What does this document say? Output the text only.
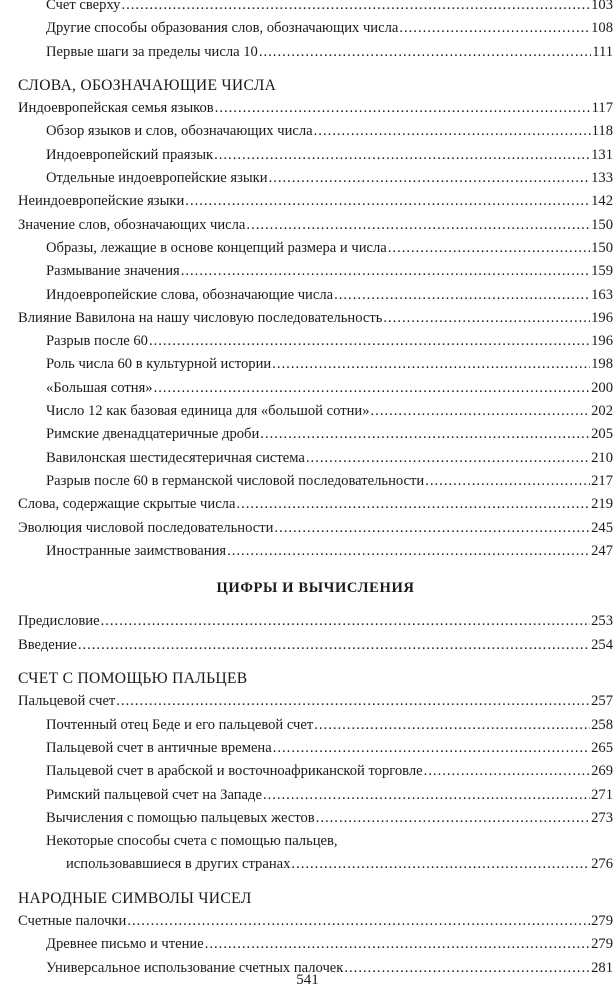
Счет сверху .....	103
Другие способы образования слов, обозначающих числа .....	108
Первые шаги за пределы числа 10 .....	111
СЛОВА, ОБОЗНАЧАЮЩИЕ ЧИСЛА
Индоевропейская семья языков .....	117
Обзор языков и слов, обозначающих числа .....	118
Индоевропейский праязык .....	131
Отдельные индоевропейские языки .....	133
Неиндоевропейские языки .....	142
Значение слов, обозначающих числа .....	150
Образы, лежащие в основе концепций размера и числа .....	150
Размывание значения .....	159
Индоевропейские слова, обозначающие числа .....	163
Влияние Вавилона на нашу числовую последовательность .....	196
Разрыв после 60 .....	196
Роль числа 60 в культурной истории .....	198
«Большая сотня» .....	200
Число 12 как базовая единица для «большой сотни» .....	202
Римские двенадцатеричные дроби .....	205
Вавилонская шестидесятеричная система .....	210
Разрыв после 60 в германской числовой последовательности .....	217
Слова, содержащие скрытые числа .....	219
Эволюция числовой последовательности .....	245
Иностранные заимствования .....	247
ЦИФРЫ И ВЫЧИСЛЕНИЯ
Предисловие .....	253
Введение .....	254
СЧЕТ С ПОМОЩЬЮ ПАЛЬЦЕВ
Пальцевой счет .....	257
Почтенный отец Беде и его пальцевой счет .....	258
Пальцевой счет в античные времена .....	265
Пальцевой счет в арабской и восточноафриканской торговле .....	269
Римский пальцевой счет на Западе .....	271
Вычисления с помощью пальцевых жестов .....	273
Некоторые способы счета с помощью пальцев,
использовавшиеся в других странах .....	276
НАРОДНЫЕ СИМВОЛЫ ЧИСЕЛ
Счетные палочки .....	279
Древнее письмо и чтение .....	279
Универсальное использование счетных палочек .....	281
541
